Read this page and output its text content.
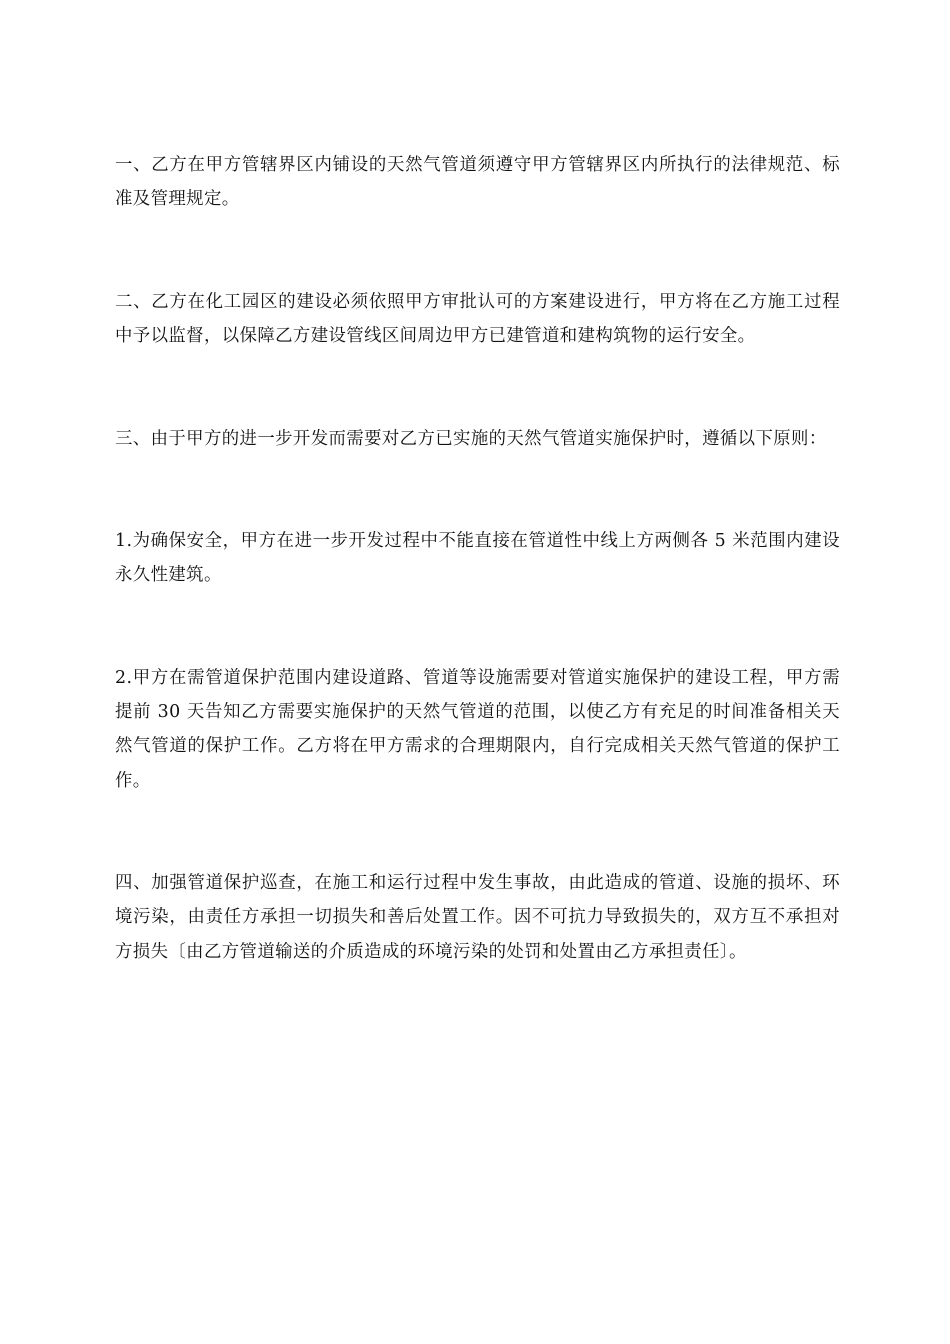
一、乙方在甲方管辖界区内铺设的天然气管道须遵守甲方管辖界区内所执行的法律规范、标准及管理规定。

二、乙方在化工园区的建设必须依照甲方审批认可的方案建设进行，甲方将在乙方施工过程中予以监督，以保障乙方建设管线区间周边甲方已建管道和建构筑物的运行安全。

三、由于甲方的进一步开发而需要对乙方已实施的天然气管道实施保护时，遵循以下原则：

1.为确保安全，甲方在进一步开发过程中不能直接在管道性中线上方两侧各 5 米范围内建设永久性建筑。

2.甲方在需管道保护范围内建设道路、管道等设施需要对管道实施保护的建设工程，甲方需提前 30 天告知乙方需要实施保护的天然气管道的范围，以使乙方有充足的时间准备相关天然气管道的保护工作。乙方将在甲方需求的合理期限内，自行完成相关天然气管道的保护工作。

四、加强管道保护巡查，在施工和运行过程中发生事故，由此造成的管道、设施的损坏、环境污染，由责任方承担一切损失和善后处置工作。因不可抗力导致损失的，双方互不承担对方损失〔由乙方管道输送的介质造成的环境污染的处罚和处置由乙方承担责任〕。
